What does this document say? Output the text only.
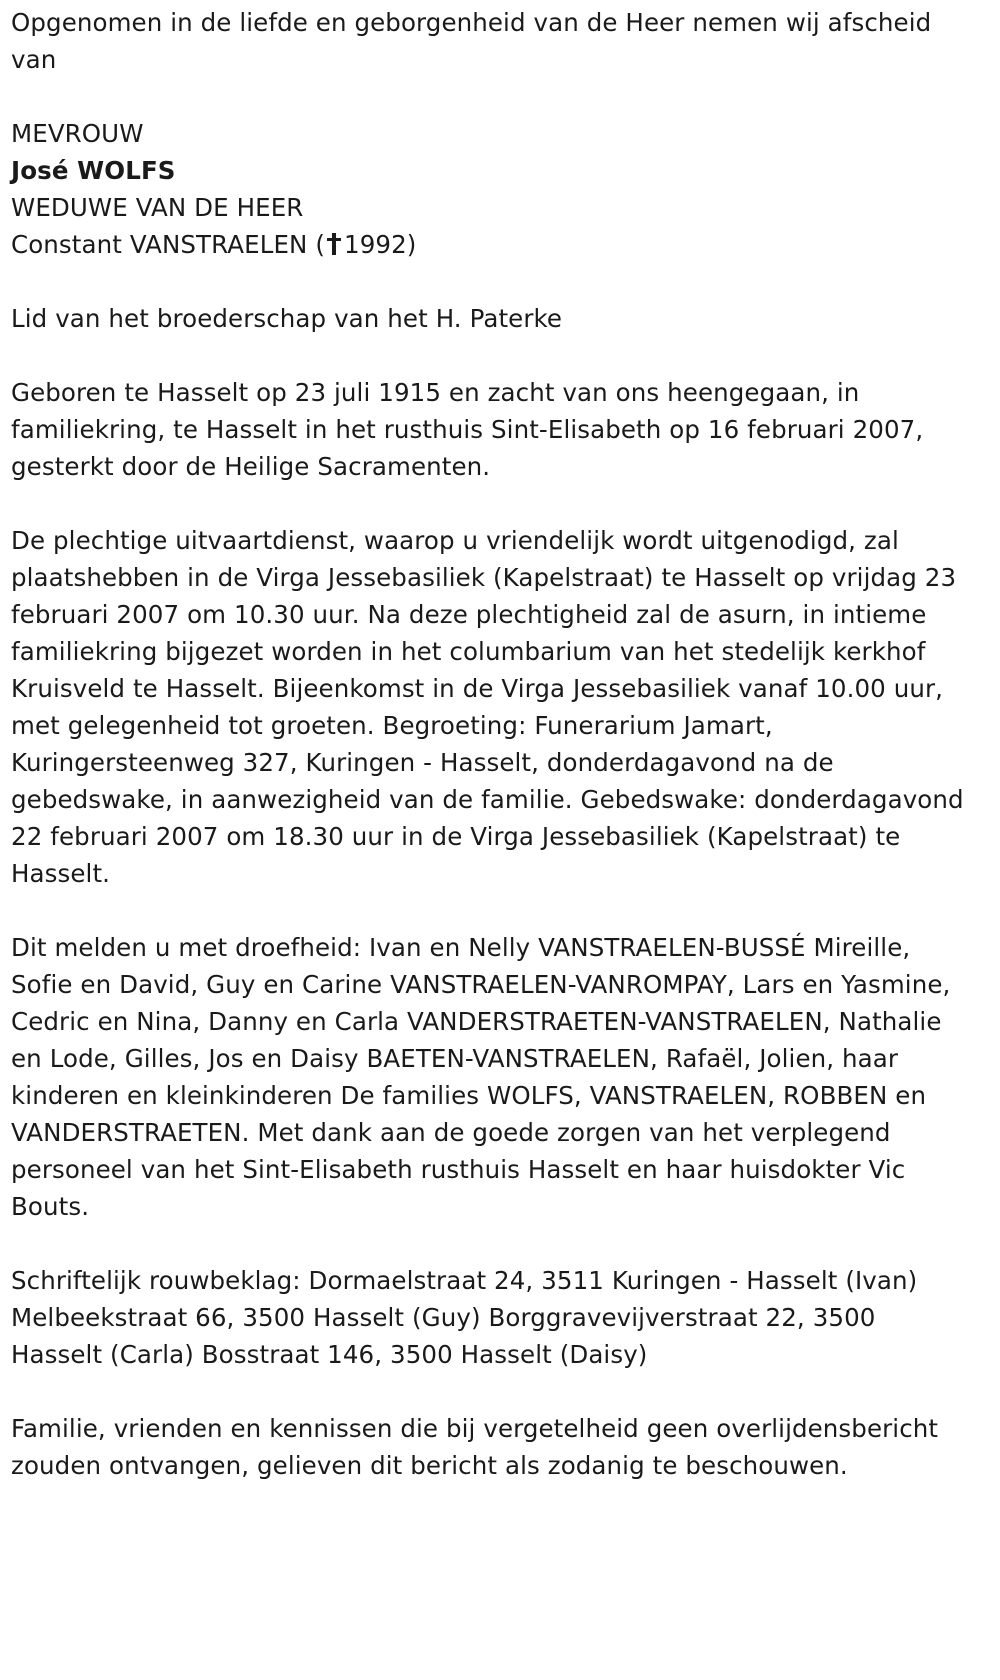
Opgenomen in de liefde en geborgenheid van de Heer nemen wij afscheid van

MEVROUW
José WOLFS
WEDUWE VAN DE HEER
Constant VANSTRAELEN ( 1992)

Lid van het broederschap van het H. Paterke

Geboren te Hasselt op 23 juli 1915 en zacht van ons heengegaan, in familiekring, te Hasselt in het rusthuis Sint-Elisabeth op 16 februari 2007, gesterkt door de Heilige Sacramenten.

De plechtige uitvaartdienst, waarop u vriendelijk wordt uitgenodigd, zal plaatshebben in de Virga Jessebasiliek (Kapelstraat) te Hasselt op vrijdag 23 februari 2007 om 10.30 uur. Na deze plechtigheid zal de asurn, in intieme familiekring bijgezet worden in het columbarium van het stedelijk kerkhof Kruisveld te Hasselt. Bijeenkomst in de Virga Jessebasiliek vanaf 10.00 uur, met gelegenheid tot groeten. Begroeting: Funerarium Jamart, Kuringersteenweg 327, Kuringen - Hasselt, donderdagavond na de gebedswake, in aanwezigheid van de familie. Gebedswake: donderdagavond 22 februari 2007 om 18.30 uur in de Virga Jessebasiliek (Kapelstraat) te Hasselt.

Dit melden u met droefheid: Ivan en Nelly VANSTRAELEN-BUSSÉ Mireille, Sofie en David, Guy en Carine VANSTRAELEN-VANROMPAY, Lars en Yasmine, Cedric en Nina, Danny en Carla VANDERSTRAETEN-VANSTRAELEN, Nathalie en Lode, Gilles, Jos en Daisy BAETEN-VANSTRAELEN, Rafaël, Jolien, haar kinderen en kleinkinderen De families WOLFS, VANSTRAELEN, ROBBEN en VANDERSTRAETEN. Met dank aan de goede zorgen van het verplegend personeel van het Sint-Elisabeth rusthuis Hasselt en haar huisdokter Vic Bouts.

Schriftelijk rouwbeklag: Dormaelstraat 24, 3511 Kuringen - Hasselt (Ivan) Melbeekstraat 66, 3500 Hasselt (Guy) Borggravevijverstraat 22, 3500 Hasselt (Carla) Bosstraat 146, 3500 Hasselt (Daisy)

Familie, vrienden en kennissen die bij vergetelheid geen overlijdensbericht zouden ontvangen, gelieven dit bericht als zodanig te beschouwen.
